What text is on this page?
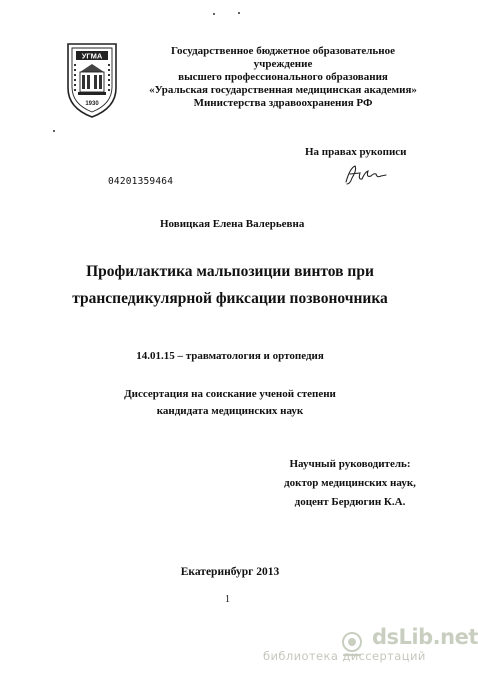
УГМА
1930
Государственное бюджетное образовательное
учреждение
высшего профессионального образования
«Уральская государственная медицинская академия»
Министерства здравоохранения РФ
На правах рукописи
04201359464
Новицкая Елена Валерьевна
Профилактика мальпозиции винтов при
транспедикулярной фиксации позвоночника
14.01.15 – травматология и ортопедия
Диссертация на соискание ученой степени
кандидата медицинских наук
Научный руководитель:
доктор медицинских наук,
доцент Бердюгин К.А.
Екатеринбург 2013
1
dsLib.net
библиотека диссертаций
